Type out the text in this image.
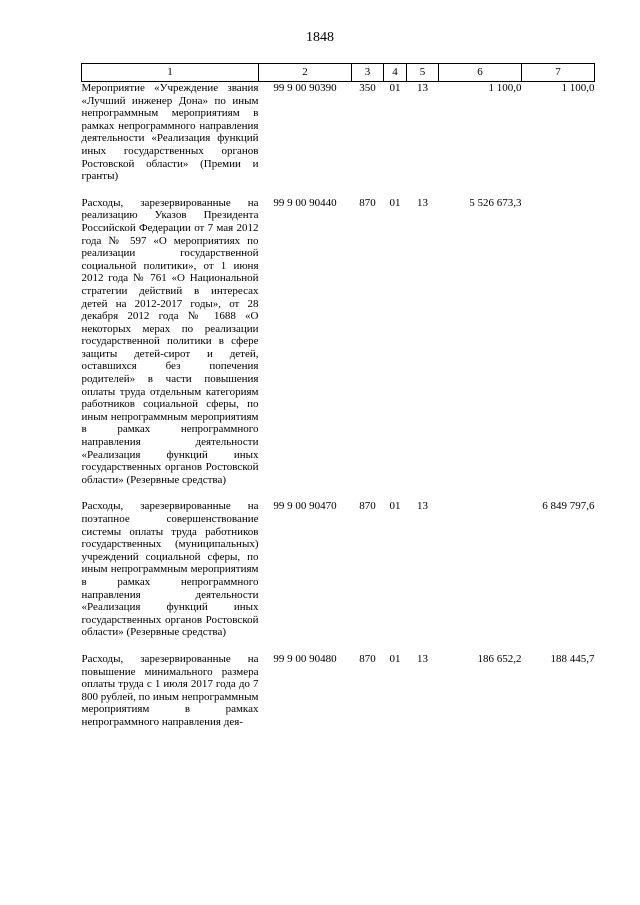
1848
1	2	3	4	5	6	7
Мероприятие «Учреждение звания «Лучший инженер Дона» по иным непрограммным мероприятиям в рамках непрограммного направления деятельности «Реализация функций иных государственных органов Ростовской области» (Премии и гранты)	99 9 00 90390	350	01	13	1 100,0	1 100,0
Расходы, зарезервированные на реализацию Указов Президента Российской Федерации от 7 мая 2012 года № 597 «О мероприятиях по реализации государственной социальной политики», от 1 июня 2012 года № 761 «О Национальной стратегии действий в интересах детей на 2012-2017 годы», от 28 декабря 2012 года № 1688 «О некоторых мерах по реализации государственной политики в сфере защиты детей-сирот и детей, оставшихся без попечения родителей» в части повышения оплаты труда отдельным категориям работников социальной сферы, по иным непрограммным мероприятиям в рамках непрограммного направления деятельности «Реализация функций иных государственных органов Ростовской области» (Резервные средства)	99 9 00 90440	870	01	13	5 526 673,3	
Расходы, зарезервированные на поэтапное совершенствование системы оплаты труда работников государственных (муниципальных) учреждений социальной сферы, по иным непрограммным мероприятиям в рамках непрограммного направления деятельности «Реализация функций иных государственных органов Ростовской области» (Резервные средства)	99 9 00 90470	870	01	13		6 849 797,6
Расходы, зарезервированные на повышение минимального размера оплаты труда с 1 июля 2017 года до 7 800 рублей, по иным непрограммным мероприятиям в рамках непрограммного направления дея-	99 9 00 90480	870	01	13	186 652,2	188 445,7
